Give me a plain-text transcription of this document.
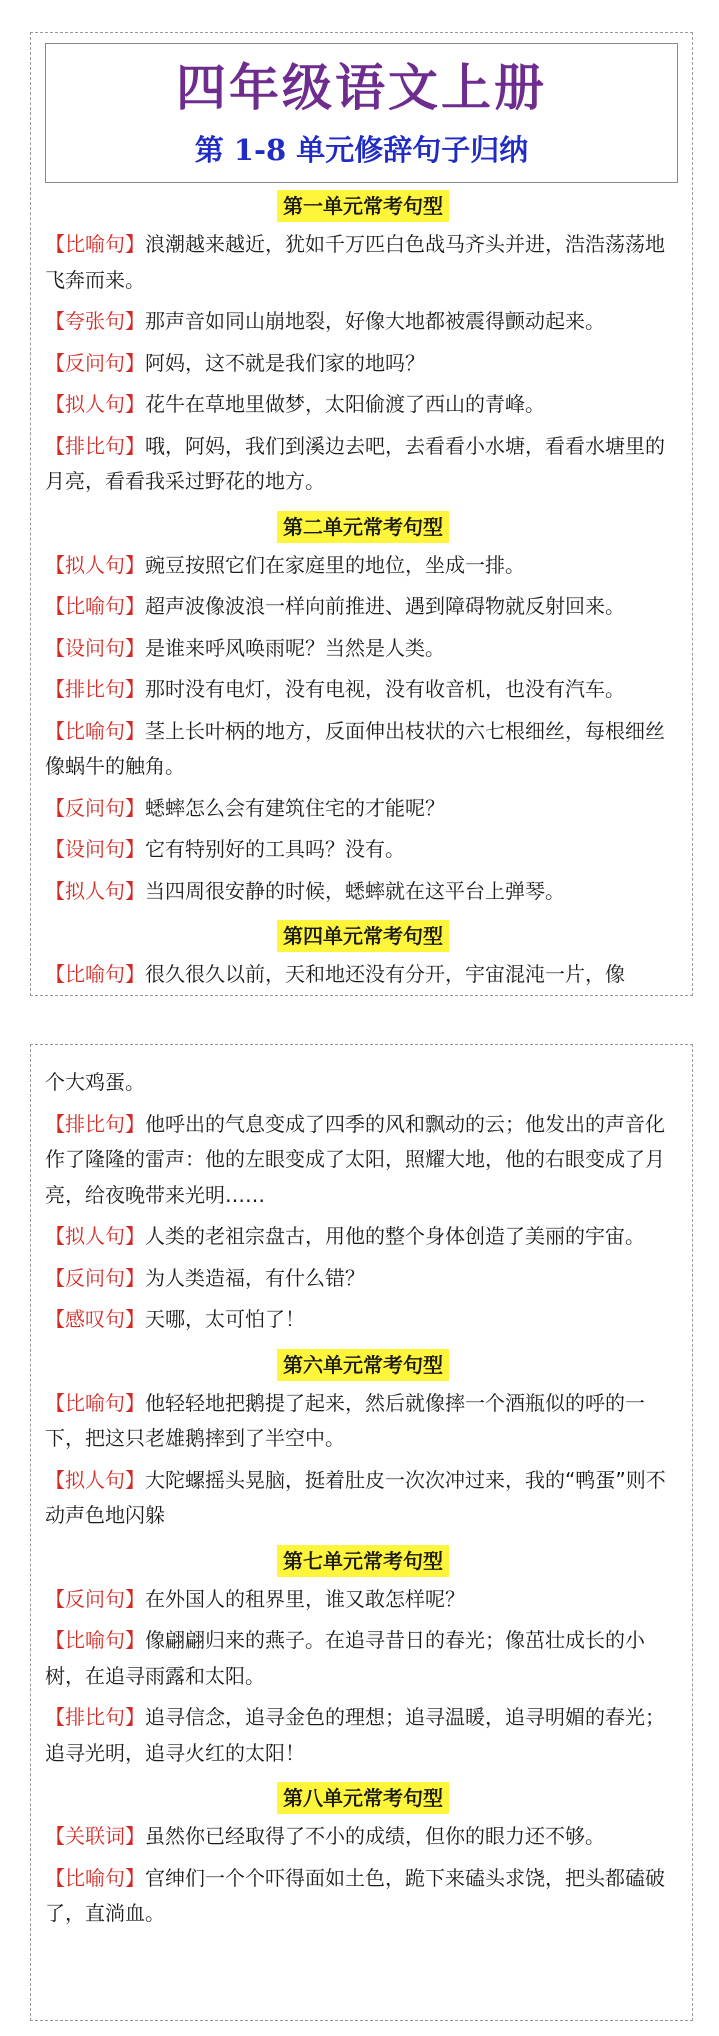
四年级语文上册
第 1-8 单元修辞句子归纳
第一单元常考句型
【比喻句】浪潮越来越近，犹如千万匹白色战马齐头并进，浩浩荡荡地飞奔而来。
【夸张句】那声音如同山崩地裂，好像大地都被震得颤动起来。
【反问句】阿妈，这不就是我们家的地吗？
【拟人句】花牛在草地里做梦，太阳偷渡了西山的青峰。
【排比句】哦，阿妈，我们到溪边去吧，去看看小水塘，看看水塘里的月亮，看看我采过野花的地方。
第二单元常考句型
【拟人句】豌豆按照它们在家庭里的地位，坐成一排。
【比喻句】超声波像波浪一样向前推进、遇到障碍物就反射回来。
【设问句】是谁来呼风唤雨呢？当然是人类。
【排比句】那时没有电灯，没有电视，没有收音机，也没有汽车。
【比喻句】茎上长叶柄的地方，反面伸出枝状的六七根细丝，每根细丝像蜗牛的触角。
【反问句】蟋蟀怎么会有建筑住宅的才能呢？
【设问句】它有特别好的工具吗？没有。
【拟人句】当四周很安静的时候，蟋蟀就在这平台上弹琴。
第四单元常考句型
【比喻句】很久很久以前，天和地还没有分开，宇宙混沌一片，像
个大鸡蛋。
【排比句】他呼出的气息变成了四季的风和飘动的云；他发出的声音化作了隆隆的雷声：他的左眼变成了太阳，照耀大地，他的右眼变成了月亮，给夜晚带来光明……
【拟人句】人类的老祖宗盘古，用他的整个身体创造了美丽的宇宙。
【反问句】为人类造福，有什么错？
【感叹句】天哪，太可怕了！
第六单元常考句型
【比喻句】他轻轻地把鹅提了起来，然后就像摔一个酒瓶似的呼的一下，把这只老雄鹅摔到了半空中。
【拟人句】大陀螺摇头晃脑，挺着肚皮一次次冲过来，我的“鸭蛋”则不动声色地闪躲
第七单元常考句型
【反问句】在外国人的租界里，谁又敢怎样呢？
【比喻句】像翩翩归来的燕子。在追寻昔日的春光；像茁壮成长的小树，在追寻雨露和太阳。
【排比句】追寻信念，追寻金色的理想；追寻温暖，追寻明媚的春光；追寻光明，追寻火红的太阳！
第八单元常考句型
【关联词】虽然你已经取得了不小的成绩，但你的眼力还不够。
【比喻句】官绅们一个个吓得面如土色，跪下来磕头求饶，把头都磕破了，直淌血。
